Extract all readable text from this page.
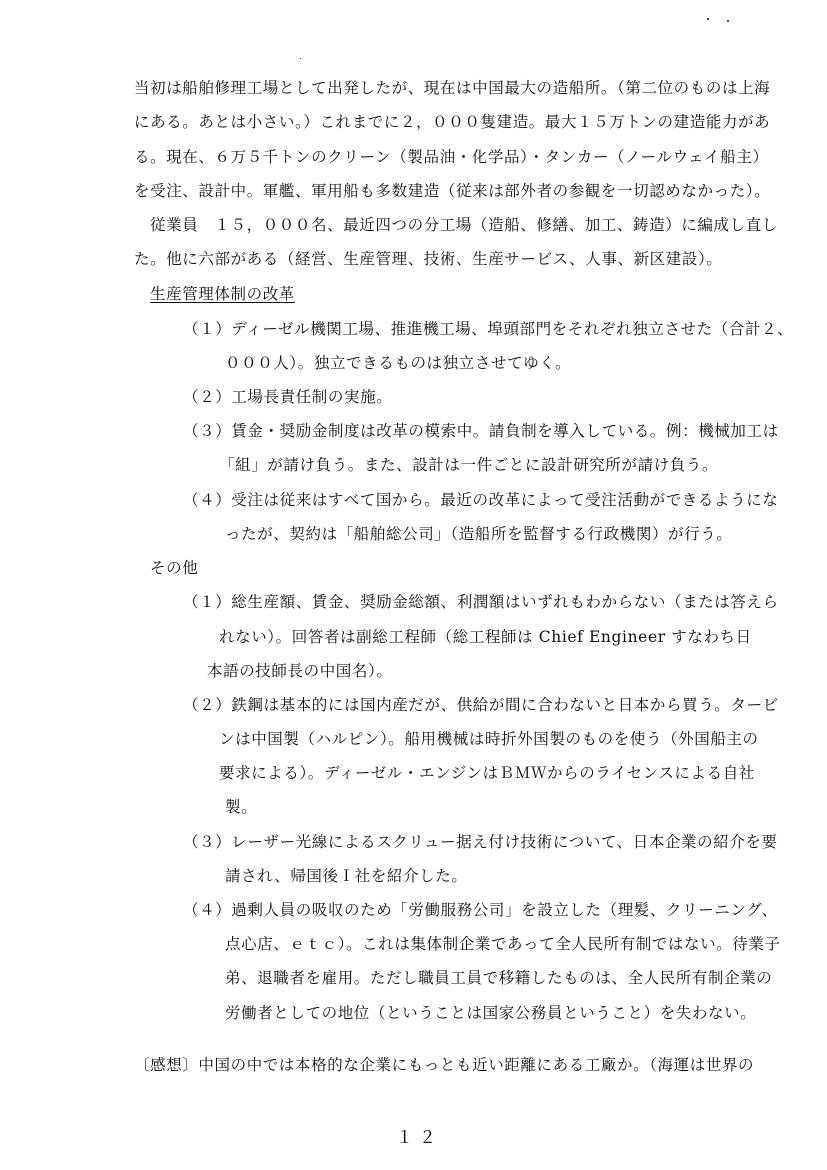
当初は船舶修理工場として出発したが、現在は中国最大の造船所。（第二位のものは上海
にある。あとは小さい。）これまでに２，０００隻建造。最大１５万トンの建造能力があ
る。現在、６万５千トンのクリーン（製品油・化学品）・タンカー（ノールウェイ船主）
を受注、設計中。軍艦、軍用船も多数建造（従来は部外者の参観を一切認めなかった）。
従業員　１５，０００名、最近四つの分工場（造船、修繕、加工、鋳造）に編成し直し
た。他に六部がある（経営、生産管理、技術、生産サービス、人事、新区建設）。
生産管理体制の改革
（１）ディーゼル機関工場、推進機工場、埠頭部門をそれぞれ独立させた（合計２、
０００人）。独立できるものは独立させてゆく。
（２）工場長責任制の実施。
（３）賃金・奨励金制度は改革の模索中。請負制を導入している。例：機械加工は
「組」が請け負う。また、設計は一件ごとに設計研究所が請け負う。
（４）受注は従来はすべて国から。最近の改革によって受注活動ができるようにな
ったが、契約は「船舶総公司」（造船所を監督する行政機関）が行う。
その他
（１）総生産額、賃金、奨励金総額、利潤額はいずれもわからない（または答えら
れない）。回答者は副総工程師（総工程師は Chief Engineer すなわち日
本語の技師長の中国名）。
（２）鉄鋼は基本的には国内産だが、供給が間に合わないと日本から買う。タービ
ンは中国製（ハルピン）。船用機械は時折外国製のものを使う（外国船主の
要求による）。ディーゼル・エンジンはＢＭＷからのライセンスによる自社
製。
（３）レーザー光線によるスクリュー据え付け技術について、日本企業の紹介を要
請され、帰国後Ｉ社を紹介した。
（４）過剰人員の吸収のため「労働服務公司」を設立した（理髪、クリーニング、
点心店、ｅｔｃ）。これは集体制企業であって全人民所有制ではない。待業子
弟、退職者を雇用。ただし職員工員で移籍したものは、全人民所有制企業の
労働者としての地位（ということは国家公務員ということ）を失わない。
〔感想〕中国の中では本格的な企業にもっとも近い距離にある工廠か。（海運は世界の
１２
